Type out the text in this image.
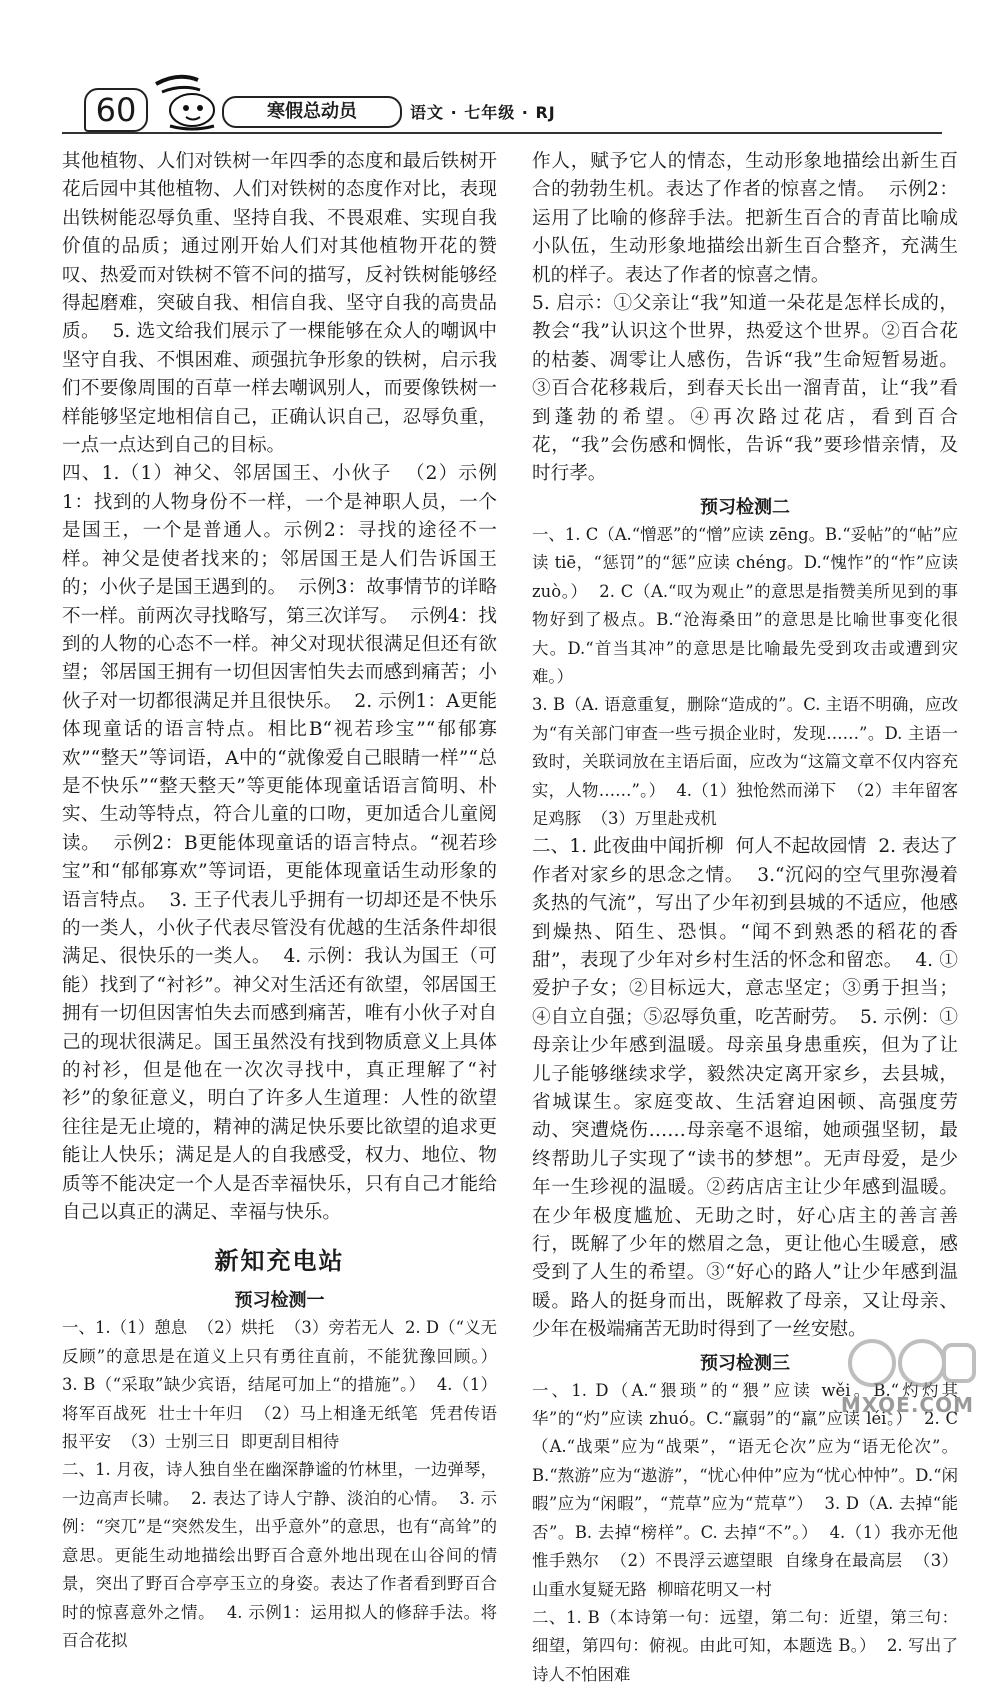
60	寒假总动员	语文 · 七年级 · RJ

其他植物、人们对铁树一年四季的态度和最后铁树开花后园中其他植物、人们对铁树的态度作对比，表现出铁树能忍辱负重、坚持自我、不畏艰难、实现自我价值的品质；通过刚开始人们对其他植物开花的赞叹、热爱而对铁树不管不问的描写，反衬铁树能够经得起磨难，突破自我、相信自我、坚守自我的高贵品质。  5. 选文给我们展示了一棵能够在众人的嘲讽中坚守自我、不惧困难、顽强抗争形象的铁树，启示我们不要像周围的百草一样去嘲讽别人，而要像铁树一样能够坚定地相信自己，正确认识自己，忍辱负重，一点一点达到自己的目标。

四、1.（1）神父、邻居国王、小伙子  （2）示例1：找到的人物身份不一样，一个是神职人员，一个是国王，一个是普通人。示例2：寻找的途径不一样。神父是使者找来的；邻居国王是人们告诉国王的；小伙子是国王遇到的。  示例3：故事情节的详略不一样。前两次寻找略写，第三次详写。  示例4：找到的人物的心态不一样。神父对现状很满足但还有欲望；邻居国王拥有一切但因害怕失去而感到痛苦；小伙子对一切都很满足并且很快乐。  2. 示例1：A更能体现童话的语言特点。相比B“视若珍宝”“郁郁寡欢”“整天”等词语，A中的“就像爱自己眼睛一样”“总是不快乐”“整天整天”等更能体现童话语言简明、朴实、生动等特点，符合儿童的口吻，更加适合儿童阅读。  示例2：B更能体现童话的语言特点。“视若珍宝”和“郁郁寡欢”等词语，更能体现童话生动形象的语言特点。  3. 王子代表儿乎拥有一切却还是不快乐的一类人，小伙子代表尽管没有优越的生活条件却很满足、很快乐的一类人。  4. 示例：我认为国王（可能）找到了“衬衫”。神父对生活还有欲望，邻居国王拥有一切但因害怕失去而感到痛苦，唯有小伙子对自己的现状很满足。国王虽然没有找到物质意义上具体的衬衫，但是他在一次次寻找中，真正理解了“衬衫”的象征意义，明白了许多人生道理：人性的欲望往往是无止境的，精神的满足快乐要比欲望的追求更能让人快乐；满足是人的自我感受，权力、地位、物质等不能决定一个人是否幸福快乐，只有自己才能给自己以真正的满足、幸福与快乐。

新知充电站
预习检测一

一、1.（1）憩息  （2）烘托  （3）旁若无人  2. D（“义无反顾”的意思是在道义上只有勇往直前，不能犹豫回顾。）  3. B（“采取”缺少宾语，结尾可加上“的措施”。）  4.（1）将军百战死  壮士十年归  （2）马上相逢无纸笔  凭君传语报平安  （3）士别三日  即更刮目相待

二、1. 月夜，诗人独自坐在幽深静谧的竹林里，一边弹琴，一边高声长啸。  2. 表达了诗人宁静、淡泊的心情。  3. 示例：“突兀”是“突然发生，出乎意外”的意思，也有“高耸”的意思。更能生动地描绘出野百合意外地出现在山谷间的情景，突出了野百合亭亭玉立的身姿。表达了作者看到野百合时的惊喜意外之情。  4. 示例1：运用拟人的修辞手法。将百合花拟

作人，赋予它人的情态，生动形象地描绘出新生百合的勃勃生机。表达了作者的惊喜之情。  示例2：运用了比喻的修辞手法。把新生百合的青苗比喻成小队伍，生动形象地描绘出新生百合整齐，充满生机的样子。表达了作者的惊喜之情。

5. 启示：①父亲让“我”知道一朵花是怎样长成的，教会“我”认识这个世界，热爱这个世界。②百合花的枯萎、凋零让人感伤，告诉“我”生命短暂易逝。③百合花移栽后，到春天长出一溜青苗，让“我”看到蓬勃的希望。④再次路过花店，看到百合花，“我”会伤感和惆怅，告诉“我”要珍惜亲情，及时行孝。

预习检测二

一、1. C（A.“憎恶”的“憎”应读 zēng。B.“妥帖”的“帖”应读 tiē，“惩罚”的“惩”应读 chéng。D.“愧怍”的“怍”应读 zuò。）  2. C（A.“叹为观止”的意思是指赞美所见到的事物好到了极点。B.“沧海桑田”的意思是比喻世事变化很大。D.“首当其冲”的意思是比喻最先受到攻击或遭到灾难。）

3. B（A. 语意重复，删除“造成的”。C. 主语不明确，应改为“有关部门审查一些亏损企业时，发现……”。D. 主语一致时，关联词放在主语后面，应改为“这篇文章不仅内容充实，人物……”。）  4.（1）独怆然而涕下  （2）丰年留客足鸡豚  （3）万里赴戎机

二、1. 此夜曲中闻折柳  何人不起故园情  2. 表达了作者对家乡的思念之情。  3.“沉闷的空气里弥漫着炙热的气流”，写出了少年初到县城的不适应，他感到燥热、陌生、恐惧。“闻不到熟悉的稻花的香甜”，表现了少年对乡村生活的怀念和留恋。  4. ①爱护子女；②目标远大，意志坚定；③勇于担当；④自立自强；⑤忍辱负重，吃苦耐劳。  5. 示例：①母亲让少年感到温暖。母亲虽身患重疾，但为了让儿子能够继续求学，毅然决定离开家乡，去县城，省城谋生。家庭变故、生活窘迫困顿、高强度劳动、突遭烧伤……母亲毫不退缩，她顽强坚韧，最终帮助儿子实现了“读书的梦想”。无声母爱，是少年一生珍视的温暖。②药店店主让少年感到温暖。在少年极度尴尬、无助之时，好心店主的善言善行，既解了少年的燃眉之急，更让他心生暖意，感受到了人生的希望。③“好心的路人”让少年感到温暖。路人的挺身而出，既解救了母亲，又让母亲、少年在极端痛苦无助时得到了一丝安慰。

预习检测三

一、1. D（A.“猥琐”的“猥”应读 wěi。B.“灼灼其华”的“灼”应读 zhuó。C.“羸弱”的“羸”应读 léi。）  2. C（A.“战栗”应为“战栗”，“语无仑次”应为“语无伦次”。B.“熬游”应为“遨游”，“忧心仲仲”应为“忧心忡忡”。D.“闲暇”应为“闲暇”，“荒草”应为“荒草”）  3. D（A. 去掉“能否”。B. 去掉“榜样”。C. 去掉“不”。）  4.（1）我亦无他  惟手熟尔  （2）不畏浮云遮望眼  自缘身在最高层  （3）山重水复疑无路  柳暗花明又一村

二、1. B（本诗第一句：远望，第二句：近望，第三句：细望，第四句：俯视。由此可知，本题选 B。）  2. 写出了诗人不怕困难

MXQE.COM
